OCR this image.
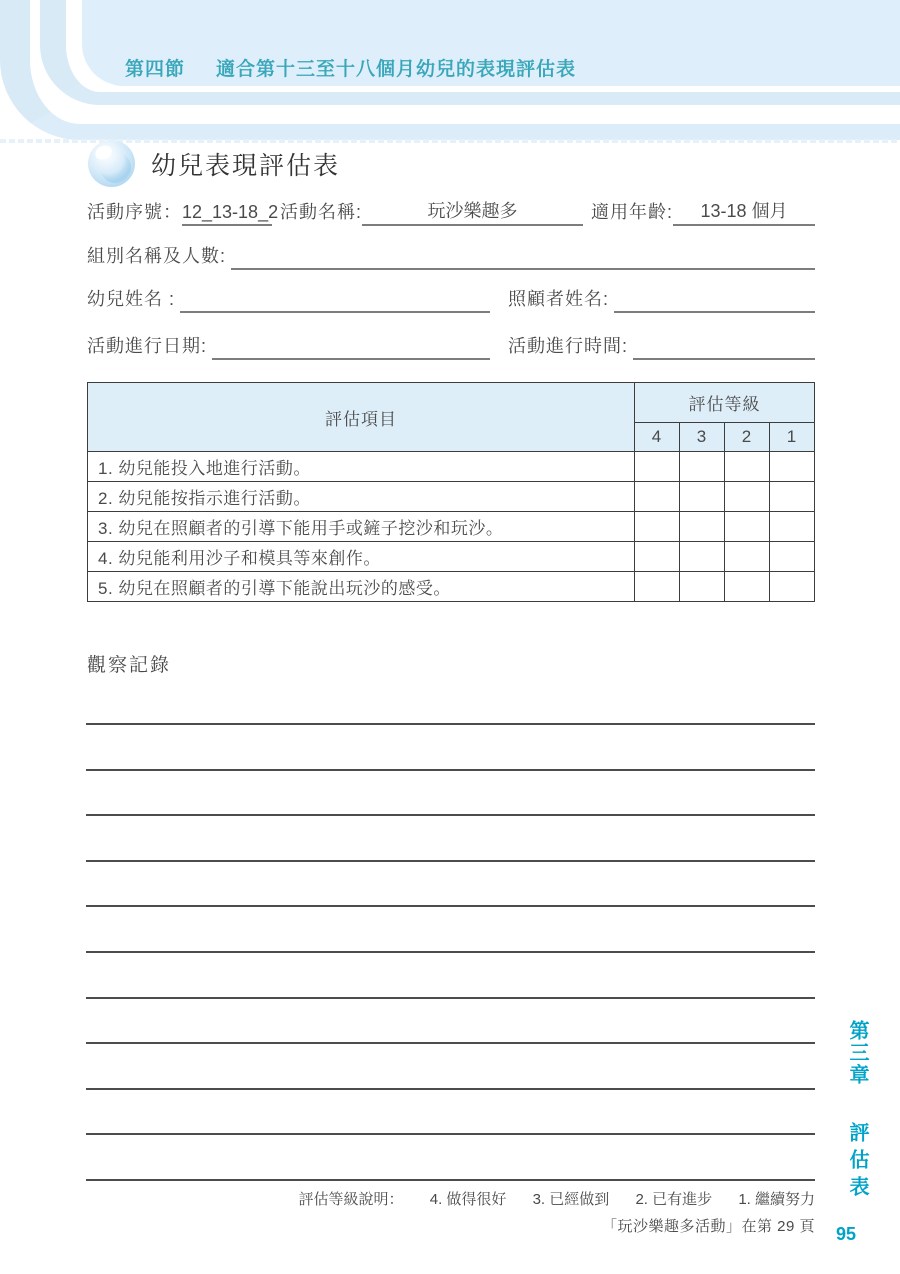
第四節 適合第十三至十八個月幼兒的表現評估表
幼兒表現評估表
活動序號： 12_13-18_2 活動名稱:	玩沙樂趣多	適用年齡:	13-18 個月
組別名稱及人數:
幼兒姓名 :	照顧者姓名:
活動進行日期:	活動進行時間:
評估項目	評估等級			
	4	3	2	1
1. 幼兒能投入地進行活動。				
2. 幼兒能按指示進行活動。				
3. 幼兒在照顧者的引導下能用手或鏟子挖沙和玩沙。				
4. 幼兒能利用沙子和模具等來創作。				
5. 幼兒在照顧者的引導下能說出玩沙的感受。				
觀察記錄
評估等級說明： 4. 做得很好 3. 已經做到 2. 已有進步 1. 繼續努力
「玩沙樂趣多活動」在第 29 頁
第三章 評估表
95
